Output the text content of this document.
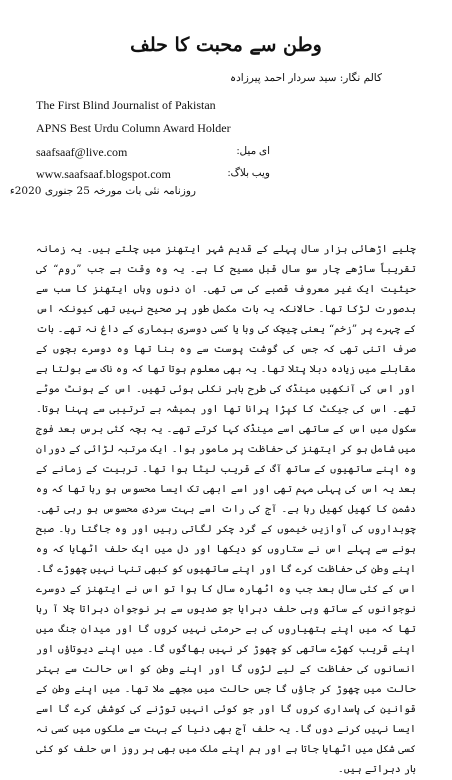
وطن سے محبت کا حلف
کالم نگار: سید سردار احمد پیرزادہ
The First Blind Journalist of Pakistan
APNS Best Urdu Column Award Holder
saafsaaf@live.com	ای میل:
www.saafsaaf.blogspot.com	ویب بلاگ:
روزنامہ نئی بات مورخہ 25 جنوری 2020ء
چلیے اڑھائی ہزار سال پہلے کے قدیم شہر ایتھنز میں چلتے ہیں۔ یہ زمانہ تقریباً ساڑھے چار سو سال قبل مسیح کا ہے۔ یہ وہ وقت ہے جب ”روم“ کی حیثیت ایک غیر معروف قصبے کی سی تھی۔ ان دنوں وہاں ایتھنز کا سب سے بدصورت لڑکا تھا۔ حالانکہ یہ بات مکمل طور پر صحیح نہیں تھی کیونکہ اس کے چہرے پر ”زخم“ یعنی چیچک کی وبا یا کسی دوسری بیماری کے داغ نہ تھے۔ بات صرف اتنی تھی کہ جس کی گوشت پوست سے وہ بنا تھا وہ دوسرے بچوں کے مقابلے میں زیادہ دبلا پتلا تھا۔ یہ بھی معلوم ہوتا تھا کہ وہ ناک سے بولتا ہے اور اس کی آنکھیں مینڈک کی طرح باہر نکلی ہوئی تھیں۔ اس کے ہونٹ موٹے تھے۔ اس کی جیکٹ کا کپڑا پرانا تھا اور ہمیشہ بے ترتیبی سے پہنا ہوتا۔ سکول میں اس کے ساتھی اسے مینڈک کہا کرتے تھے۔ یہ بچہ کئی برس بعد فوج میں شامل ہو کر ایتھنز کی حفاظت پر مامور ہوا۔ ایک مرتبہ لڑائی کے دوران وہ اپنے ساتھیوں کے ساتھ آگ کے قریب لیٹا ہوا تھا۔ تربیت کے زمانے کے بعد یہ اس کی پہلی مہم تھی اور اسے ابھی تک ایسا محسوس ہو رہا تھا کہ وہ دشمن کا کھیل کھیل رہا ہے۔ آج کی رات اسے بہت سردی محسوس ہو رہی تھی۔ چوبداروں کی آوازیں خیموں کے گرد چکر لگاتی رہیں اور وہ جاگتا رہا۔ صبح ہونے سے پہلے اس نے ستاروں کو دیکھا اور دل میں ایک حلف اٹھایا کہ وہ اپنے وطن کی حفاظت کرے گا اور اپنے ساتھیوں کو کبھی تنہا نہیں چھوڑے گا۔ اس کے کئی سال بعد جب وہ اٹھارہ سال کا ہوا تو اس نے ایتھنز کے دوسرے نوجوانوں کے ساتھ وہی حلف دہرایا جو صدیوں سے ہر نوجوان دہراتا چلا آ رہا تھا کہ میں اپنے ہتھیاروں کی بے حرمتی نہیں کروں گا اور میدان جنگ میں اپنے قریب کھڑے ساتھی کو چھوڑ کر نہیں بھاگوں گا۔ میں اپنے دیوتاؤں اور انسانوں کی حفاظت کے لیے لڑوں گا اور اپنے وطن کو اس حالت سے بہتر حالت میں چھوڑ کر جاؤں گا جس حالت میں مجھے ملا تھا۔ میں اپنے وطن کے قوانین کی پاسداری کروں گا اور جو کوئی انہیں توڑنے کی کوشش کرے گا اسے ایسا نہیں کرنے دوں گا۔ یہ حلف آج بھی دنیا کے بہت سے ملکوں میں کسی نہ کسی شکل میں اٹھایا جاتا ہے اور ہم اپنے ملک میں بھی ہر روز اس حلف کو کئی بار دہراتے ہیں۔
